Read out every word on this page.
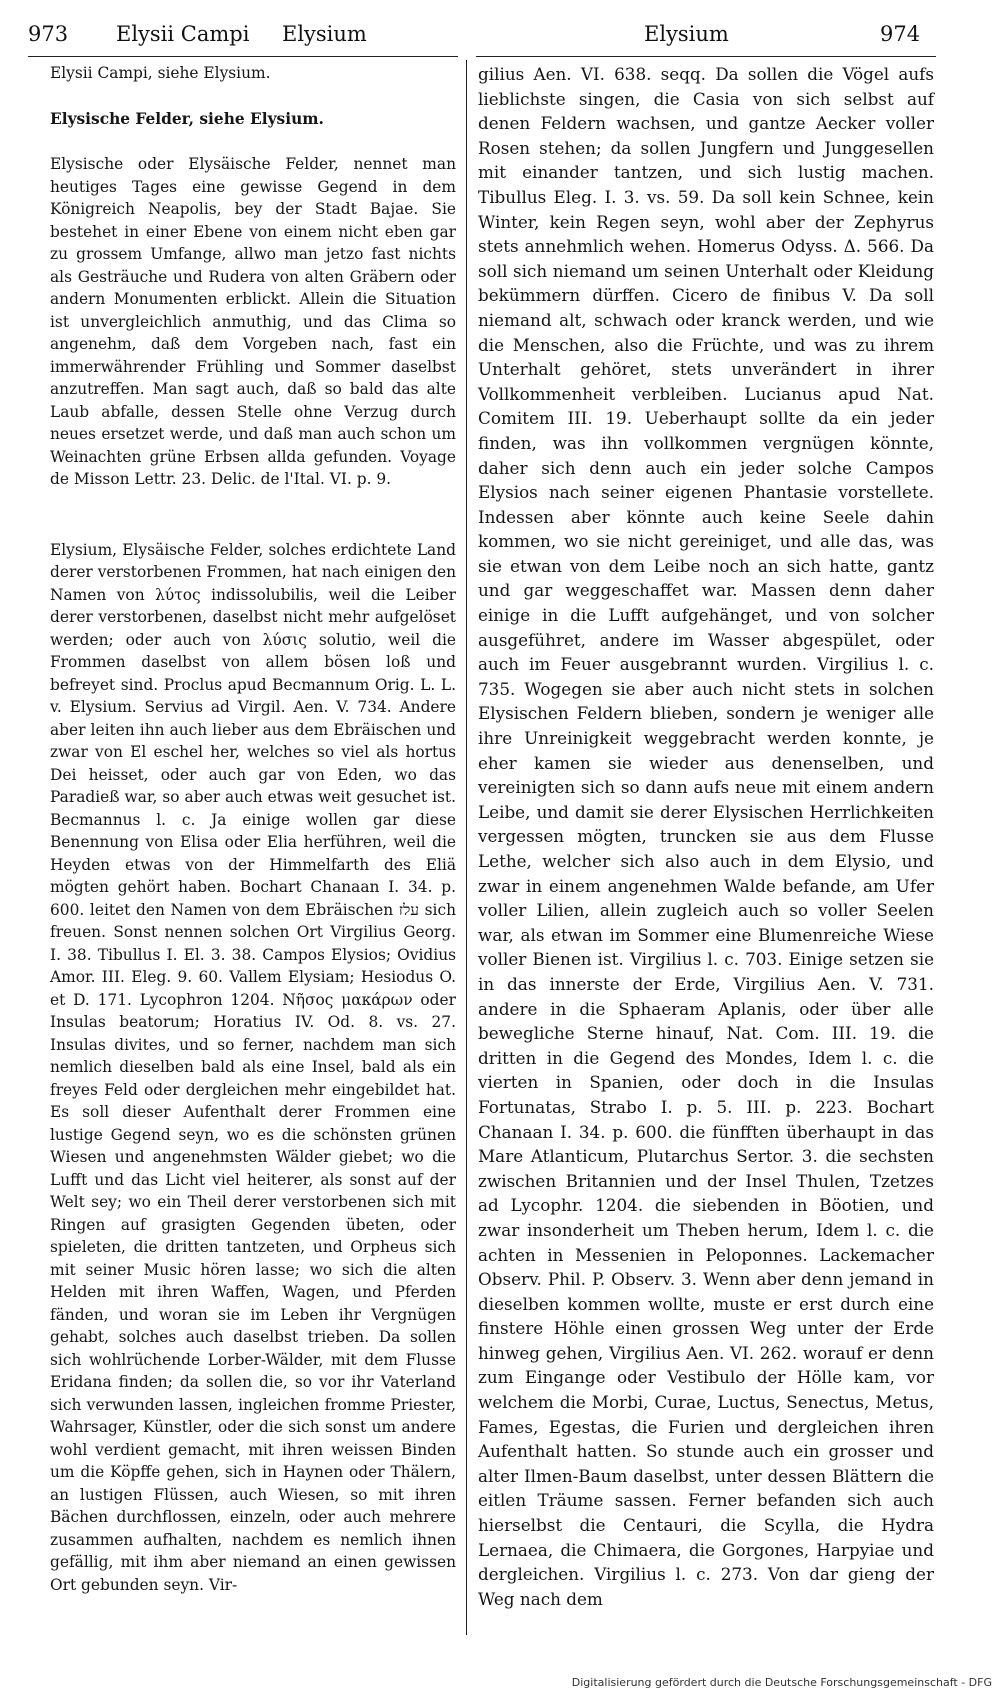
973 Elysii Campi Elysium	Elysium	974

Elysii Campi, siehe Elysium.

Elysische Felder, siehe Elysium.

Elysische oder Elysäische Felder, nennet man heutiges Tages eine gewisse Gegend in dem Königreich Neapolis, bey der Stadt Bajae. Sie bestehet in einer Ebene von einem nicht eben gar zu grossem Umfange, allwo man jetzo fast nichts als Gesträuche und Rudera von alten Gräbern oder andern Monumenten erblickt. Allein die Situation ist unvergleichlich anmuthig, und das Clima so angenehm, daß dem Vorgeben nach, fast ein immerwährender Frühling und Sommer daselbst anzutreffen. Man sagt auch, daß so bald das alte Laub abfalle, dessen Stelle ohne Verzug durch neues ersetzet werde, und daß man auch schon um Weinachten grüne Erbsen allda gefunden. Voyage de Misson Lettr. 23. Delic. de l'Ital. VI. p. 9.

Elysium, Elysäische Felder, solches erdichtete Land derer verstorbenen Frommen, hat nach einigen den Namen von λύτος indissolubilis, weil die Leiber derer verstorbenen, daselbst nicht mehr aufgelöset werden; oder auch von λύσις solutio, weil die Frommen daselbst von allem bösen loß und befreyet sind. Proclus apud Becmannum Orig. L. L. v. Elysium. Servius ad Virgil. Aen. V. 734. Andere aber leiten ihn auch lieber aus dem Ebräischen und zwar von El eschel her, welches so viel als hortus Dei heisset, oder auch gar von Eden, wo das Paradieß war, so aber auch etwas weit gesuchet ist. Becmannus l. c. Ja einige wollen gar diese Benennung von Elisa oder Elia herführen, weil die Heyden etwas von der Himmelfarth des Eliä mögten gehört haben. Bochart Chanaan I. 34. p. 600. leitet den Namen von dem Ebräischen עלז sich freuen. Sonst nennen solchen Ort Virgilius Georg. I. 38. Tibullus I. El. 3. 38. Campos Elysios; Ovidius Amor. III. Eleg. 9. 60. Vallem Elysiam; Hesiodus O. et D. 171. Lycophron 1204. Νῆσος μακάρων oder Insulas beatorum; Horatius IV. Od. 8. vs. 27. Insulas divites, und so ferner, nachdem man sich nemlich dieselben bald als eine Insel, bald als ein freyes Feld oder dergleichen mehr eingebildet hat. Es soll dieser Aufenthalt derer Frommen eine lustige Gegend seyn, wo es die schönsten grünen Wiesen und angenehmsten Wälder giebet; wo die Lufft und das Licht viel heiterer, als sonst auf der Welt sey; wo ein Theil derer verstorbenen sich mit Ringen auf grasigten Gegenden übeten, oder spieleten, die dritten tantzeten, und Orpheus sich mit seiner Music hören lasse; wo sich die alten Helden mit ihren Waffen, Wagen, und Pferden fänden, und woran sie im Leben ihr Vergnügen gehabt, solches auch daselbst trieben. Da sollen sich wohlrüchende Lorber-Wälder, mit dem Flusse Eridana finden; da sollen die, so vor ihr Vaterland sich verwunden lassen, ingleichen fromme Priester, Wahrsager, Künstler, oder die sich sonst um andere wohl verdient gemacht, mit ihren weissen Binden um die Köpffe gehen, sich in Haynen oder Thälern, an lustigen Flüssen, auch Wiesen, so mit ihren Bächen durchflossen, einzeln, oder auch mehrere zusammen aufhalten, nachdem es nemlich ihnen gefällig, mit ihm aber niemand an einen gewissen Ort gebunden seyn. Vir-

gilius Aen. VI. 638. seqq. Da sollen die Vögel aufs lieblichste singen, die Casia von sich selbst auf denen Feldern wachsen, und gantze Aecker voller Rosen stehen; da sollen Jungfern und Junggesellen mit einander tantzen, und sich lustig machen. Tibullus Eleg. I. 3. vs. 59. Da soll kein Schnee, kein Winter, kein Regen seyn, wohl aber der Zephyrus stets annehmlich wehen. Homerus Odyss. Δ. 566. Da soll sich niemand um seinen Unterhalt oder Kleidung bekümmern dürffen. Cicero de finibus V. Da soll niemand alt, schwach oder kranck werden, und wie die Menschen, also die Früchte, und was zu ihrem Unterhalt gehöret, stets unverändert in ihrer Vollkommenheit verbleiben. Lucianus apud Nat. Comitem III. 19. Ueberhaupt sollte da ein jeder finden, was ihn vollkommen vergnügen könnte, daher sich denn auch ein jeder solche Campos Elysios nach seiner eigenen Phantasie vorstellete. Indessen aber könnte auch keine Seele dahin kommen, wo sie nicht gereiniget, und alle das, was sie etwan von dem Leibe noch an sich hatte, gantz und gar weggeschaffet war. Massen denn daher einige in die Lufft aufgehänget, und von solcher ausgeführet, andere im Wasser abgespület, oder auch im Feuer ausgebrannt wurden. Virgilius l. c. 735. Wogegen sie aber auch nicht stets in solchen Elysischen Feldern blieben, sondern je weniger alle ihre Unreinigkeit weggebracht werden konnte, je eher kamen sie wieder aus denenselben, und vereinigten sich so dann aufs neue mit einem andern Leibe, und damit sie derer Elysischen Herrlichkeiten vergessen mögten, truncken sie aus dem Flusse Lethe, welcher sich also auch in dem Elysio, und zwar in einem angenehmen Walde befande, am Ufer voller Lilien, allein zugleich auch so voller Seelen war, als etwan im Sommer eine Blumenreiche Wiese voller Bienen ist. Virgilius l. c. 703. Einige setzen sie in das innerste der Erde, Virgilius Aen. V. 731. andere in die Sphaeram Aplanis, oder über alle bewegliche Sterne hinauf, Nat. Com. III. 19. die dritten in die Gegend des Mondes, Idem l. c. die vierten in Spanien, oder doch in die Insulas Fortunatas, Strabo I. p. 5. III. p. 223. Bochart Chanaan I. 34. p. 600. die fünfften überhaupt in das Mare Atlanticum, Plutarchus Sertor. 3. die sechsten zwischen Britannien und der Insel Thulen, Tzetzes ad Lycophr. 1204. die siebenden in Böotien, und zwar insonderheit um Theben herum, Idem l. c. die achten in Messenien in Peloponnes. Lackemacher Observ. Phil. P. Observ. 3. Wenn aber denn jemand in dieselben kommen wollte, muste er erst durch eine finstere Höhle einen grossen Weg unter der Erde hinweg gehen, Virgilius Aen. VI. 262. worauf er denn zum Eingange oder Vestibulo der Hölle kam, vor welchem die Morbi, Curae, Luctus, Senectus, Metus, Fames, Egestas, die Furien und dergleichen ihren Aufenthalt hatten. So stunde auch ein grosser und alter Ilmen-Baum daselbst, unter dessen Blättern die eitlen Träume sassen. Ferner befanden sich auch hierselbst die Centauri, die Scylla, die Hydra Lernaea, die Chimaera, die Gorgones, Harpyiae und dergleichen. Virgilius l. c. 273. Von dar gieng der Weg nach dem

Digitalisierung gefördert durch die Deutsche Forschungsgemeinschaft - DFG
